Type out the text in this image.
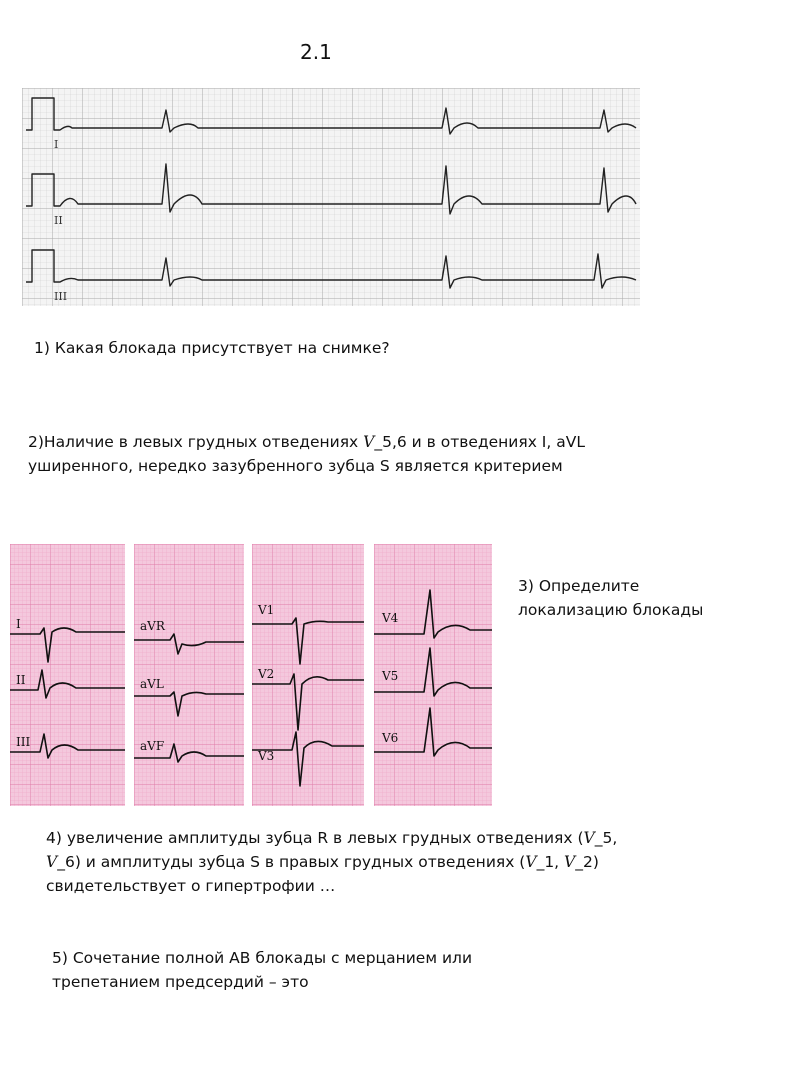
2.1
I
II
III
1) Какая блокада присутствует на снимке?
2)Наличие в левых грудных отведениях V_5,6 и в отведениях I, aVL
уширенного, нередко зазубренного зубца S является критерием
I
II
III
aVR
aVL
aVF
V1
V2
V3
V4
V5
V6
3) Определите
локализацию блокады
4) увеличение амплитуды зубца R в левых грудных отведениях (V_5,
V_6) и амплитуды зубца S в правых грудных отведениях (V_1, V_2)
свидетельствует о гипертрофии …
5) Сочетание полной АВ блокады с мерцанием или
трепетанием предсердий – это
